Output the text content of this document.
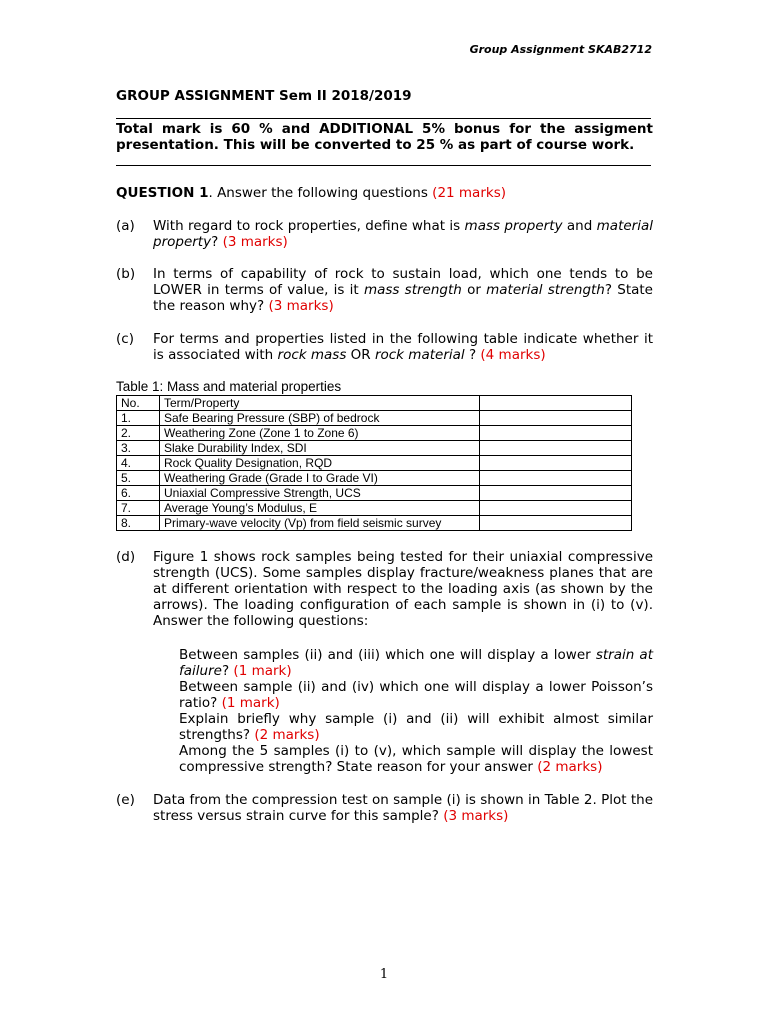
Group Assignment SKAB2712
GROUP ASSIGNMENT Sem II 2018/2019
Total mark is 60 % and ADDITIONAL 5% bonus for the assigment
presentation. This will be converted to 25 % as part of course work.
QUESTION 1. Answer the following questions (21 marks)
(a) With regard to rock properties, define what is mass property and material property? (3 marks)
(b) In terms of capability of rock to sustain load, which one tends to be LOWER in terms of value, is it mass strength or material strength? State the reason why? (3 marks)
(c) For terms and properties listed in the following table indicate whether it is associated with rock mass OR rock material ? (4 marks)
Table 1: Mass and material properties
No.	Term/Property	
1.	Safe Bearing Pressure (SBP) of bedrock	
2.	Weathering Zone (Zone 1 to Zone 6)	
3.	Slake Durability Index, SDI	
4.	Rock Quality Designation, RQD	
5.	Weathering Grade (Grade I to Grade VI)	
6.	Uniaxial Compressive Strength, UCS	
7.	Average Young’s Modulus, E	
8.	Primary-wave velocity (Vp) from field seismic survey	
(d) Figure 1 shows rock samples being tested for their uniaxial compressive strength (UCS). Some samples display fracture/weakness planes that are at different orientation with respect to the loading axis (as shown by the arrows). The loading configuration of each sample is shown in (i) to (v). Answer the following questions:
Between samples (ii) and (iii) which one will display a lower strain at failure? (1 mark)
Between sample (ii) and (iv) which one will display a lower Poisson’s ratio? (1 mark)
Explain briefly why sample (i) and (ii) will exhibit almost similar strengths? (2 marks)
Among the 5 samples (i) to (v), which sample will display the lowest compressive strength? State reason for your answer (2 marks)
(e) Data from the compression test on sample (i) is shown in Table 2. Plot the stress versus strain curve for this sample? (3 marks)
1
